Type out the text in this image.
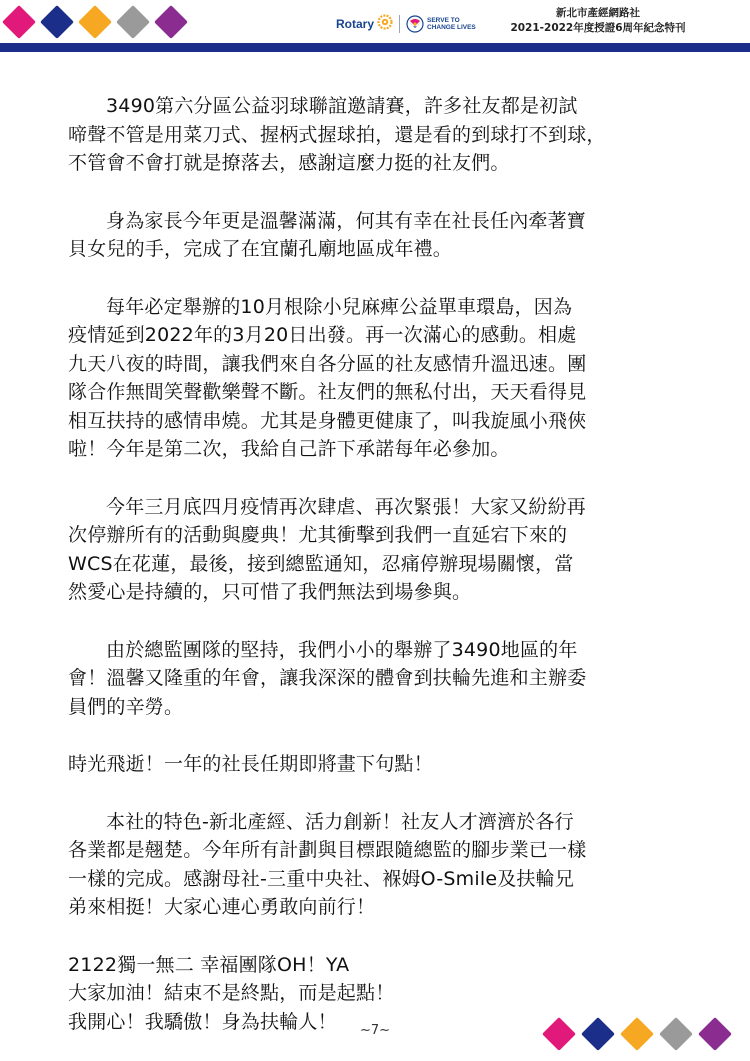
Rotary	SERVE TO
CHANGE LIVES
新北市產經網路社
2021-2022年度授證6周年紀念特刊
3490第六分區公益羽球聯誼邀請賽，許多社友都是初試
啼聲不管是用菜刀式、握柄式握球拍，還是看的到球打不到球，
不管會不會打就是撩落去，感謝這麼力挺的社友們。
身為家長今年更是溫馨滿滿，何其有幸在社長任內牽著寶
貝女兒的手，完成了在宜蘭孔廟地區成年禮。
每年必定舉辦的10月根除小兒麻痺公益單車環島，因為
疫情延到2022年的3月20日出發。再一次滿心的感動。相處
九天八夜的時間，讓我們來自各分區的社友感情升溫迅速。團
隊合作無間笑聲歡樂聲不斷。社友們的無私付出，天天看得見
相互扶持的感情串燒。尤其是身體更健康了，叫我旋風小飛俠
啦！今年是第二次，我給自己許下承諾每年必參加。
今年三月底四月疫情再次肆虐、再次緊張！大家又紛紛再
次停辦所有的活動與慶典！尤其衝擊到我們一直延宕下來的
WCS在花蓮，最後，接到總監通知，忍痛停辦現場關懷，當
然愛心是持續的，只可惜了我們無法到場參與。
由於總監團隊的堅持，我們小小的舉辦了3490地區的年
會！溫馨又隆重的年會，讓我深深的體會到扶輪先進和主辦委
員們的辛勞。
時光飛逝！一年的社長任期即將畫下句點！
本社的特色-新北產經、活力創新！社友人才濟濟於各行
各業都是翹楚。今年所有計劃與目標跟隨總監的腳步業已一樣
一樣的完成。感謝母社-三重中央社、褓姆O-Smile及扶輪兄
弟來相挺！大家心連心勇敢向前行！
2122獨一無二 幸福團隊OH！YA
大家加油！結束不是終點，而是起點！
我開心！我驕傲！身為扶輪人！	~7~
